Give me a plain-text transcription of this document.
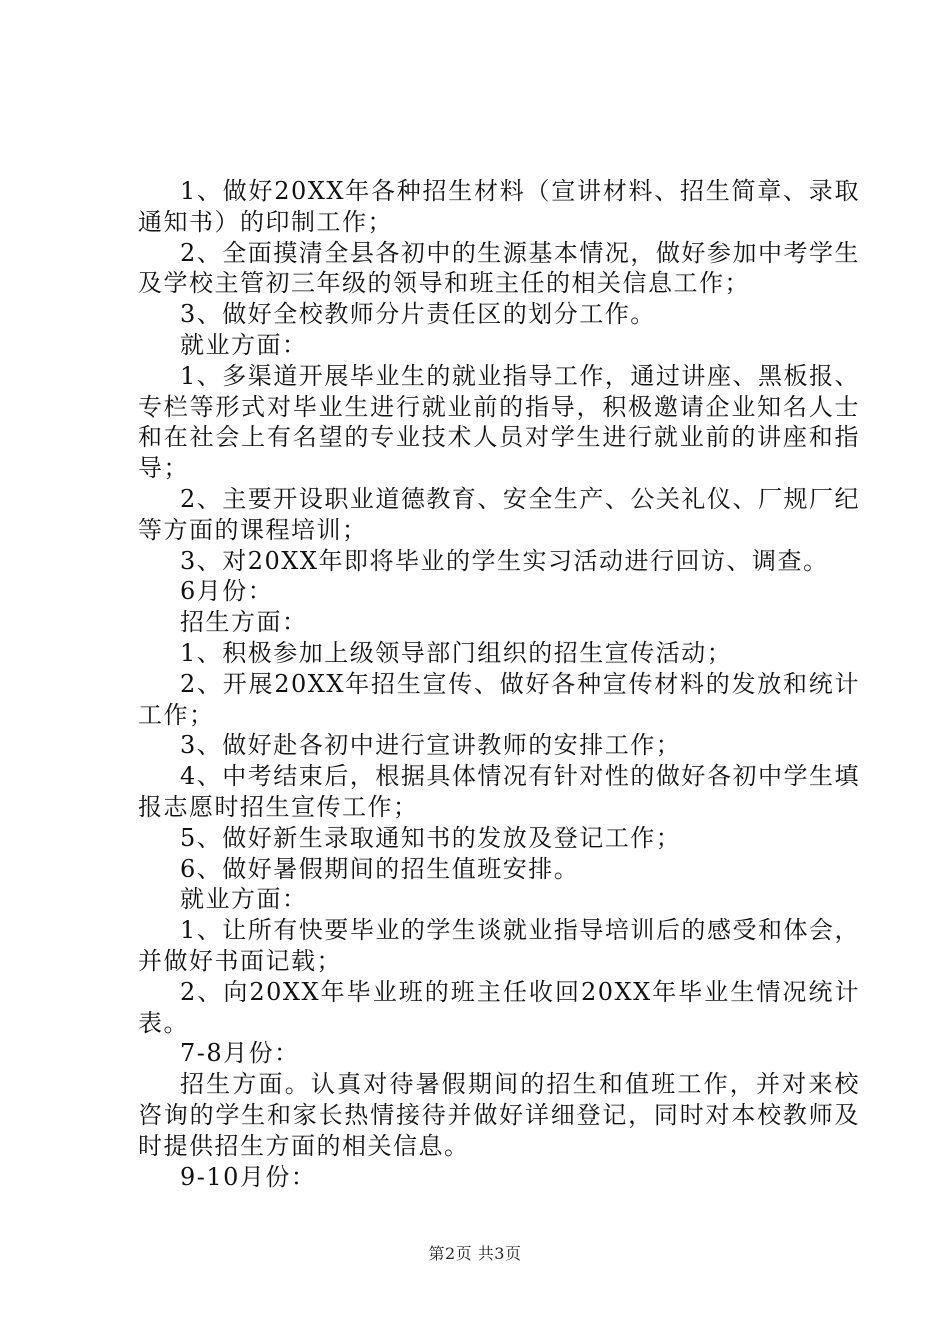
1、做好20XX年各种招生材料（宣讲材料、招生简章、录取通知书）的印制工作；

2、全面摸清全县各初中的生源基本情况，做好参加中考学生及学校主管初三年级的领导和班主任的相关信息工作；

3、做好全校教师分片责任区的划分工作。

就业方面：

1、多渠道开展毕业生的就业指导工作，通过讲座、黑板报、专栏等形式对毕业生进行就业前的指导，积极邀请企业知名人士和在社会上有名望的专业技术人员对学生进行就业前的讲座和指导；

2、主要开设职业道德教育、安全生产、公关礼仪、厂规厂纪等方面的课程培训；

3、对20XX年即将毕业的学生实习活动进行回访、调查。

6月份：

招生方面：

1、积极参加上级领导部门组织的招生宣传活动；

2、开展20XX年招生宣传、做好各种宣传材料的发放和统计工作；

3、做好赴各初中进行宣讲教师的安排工作；

4、中考结束后，根据具体情况有针对性的做好各初中学生填报志愿时招生宣传工作；

5、做好新生录取通知书的发放及登记工作；

6、做好暑假期间的招生值班安排。

就业方面：

1、让所有快要毕业的学生谈就业指导培训后的感受和体会，并做好书面记载；

2、向20XX年毕业班的班主任收回20XX年毕业生情况统计表。

7-8月份：

招生方面。认真对待暑假期间的招生和值班工作，并对来校咨询的学生和家长热情接待并做好详细登记，同时对本校教师及时提供招生方面的相关信息。

9-10月份：

第2页 共3页
